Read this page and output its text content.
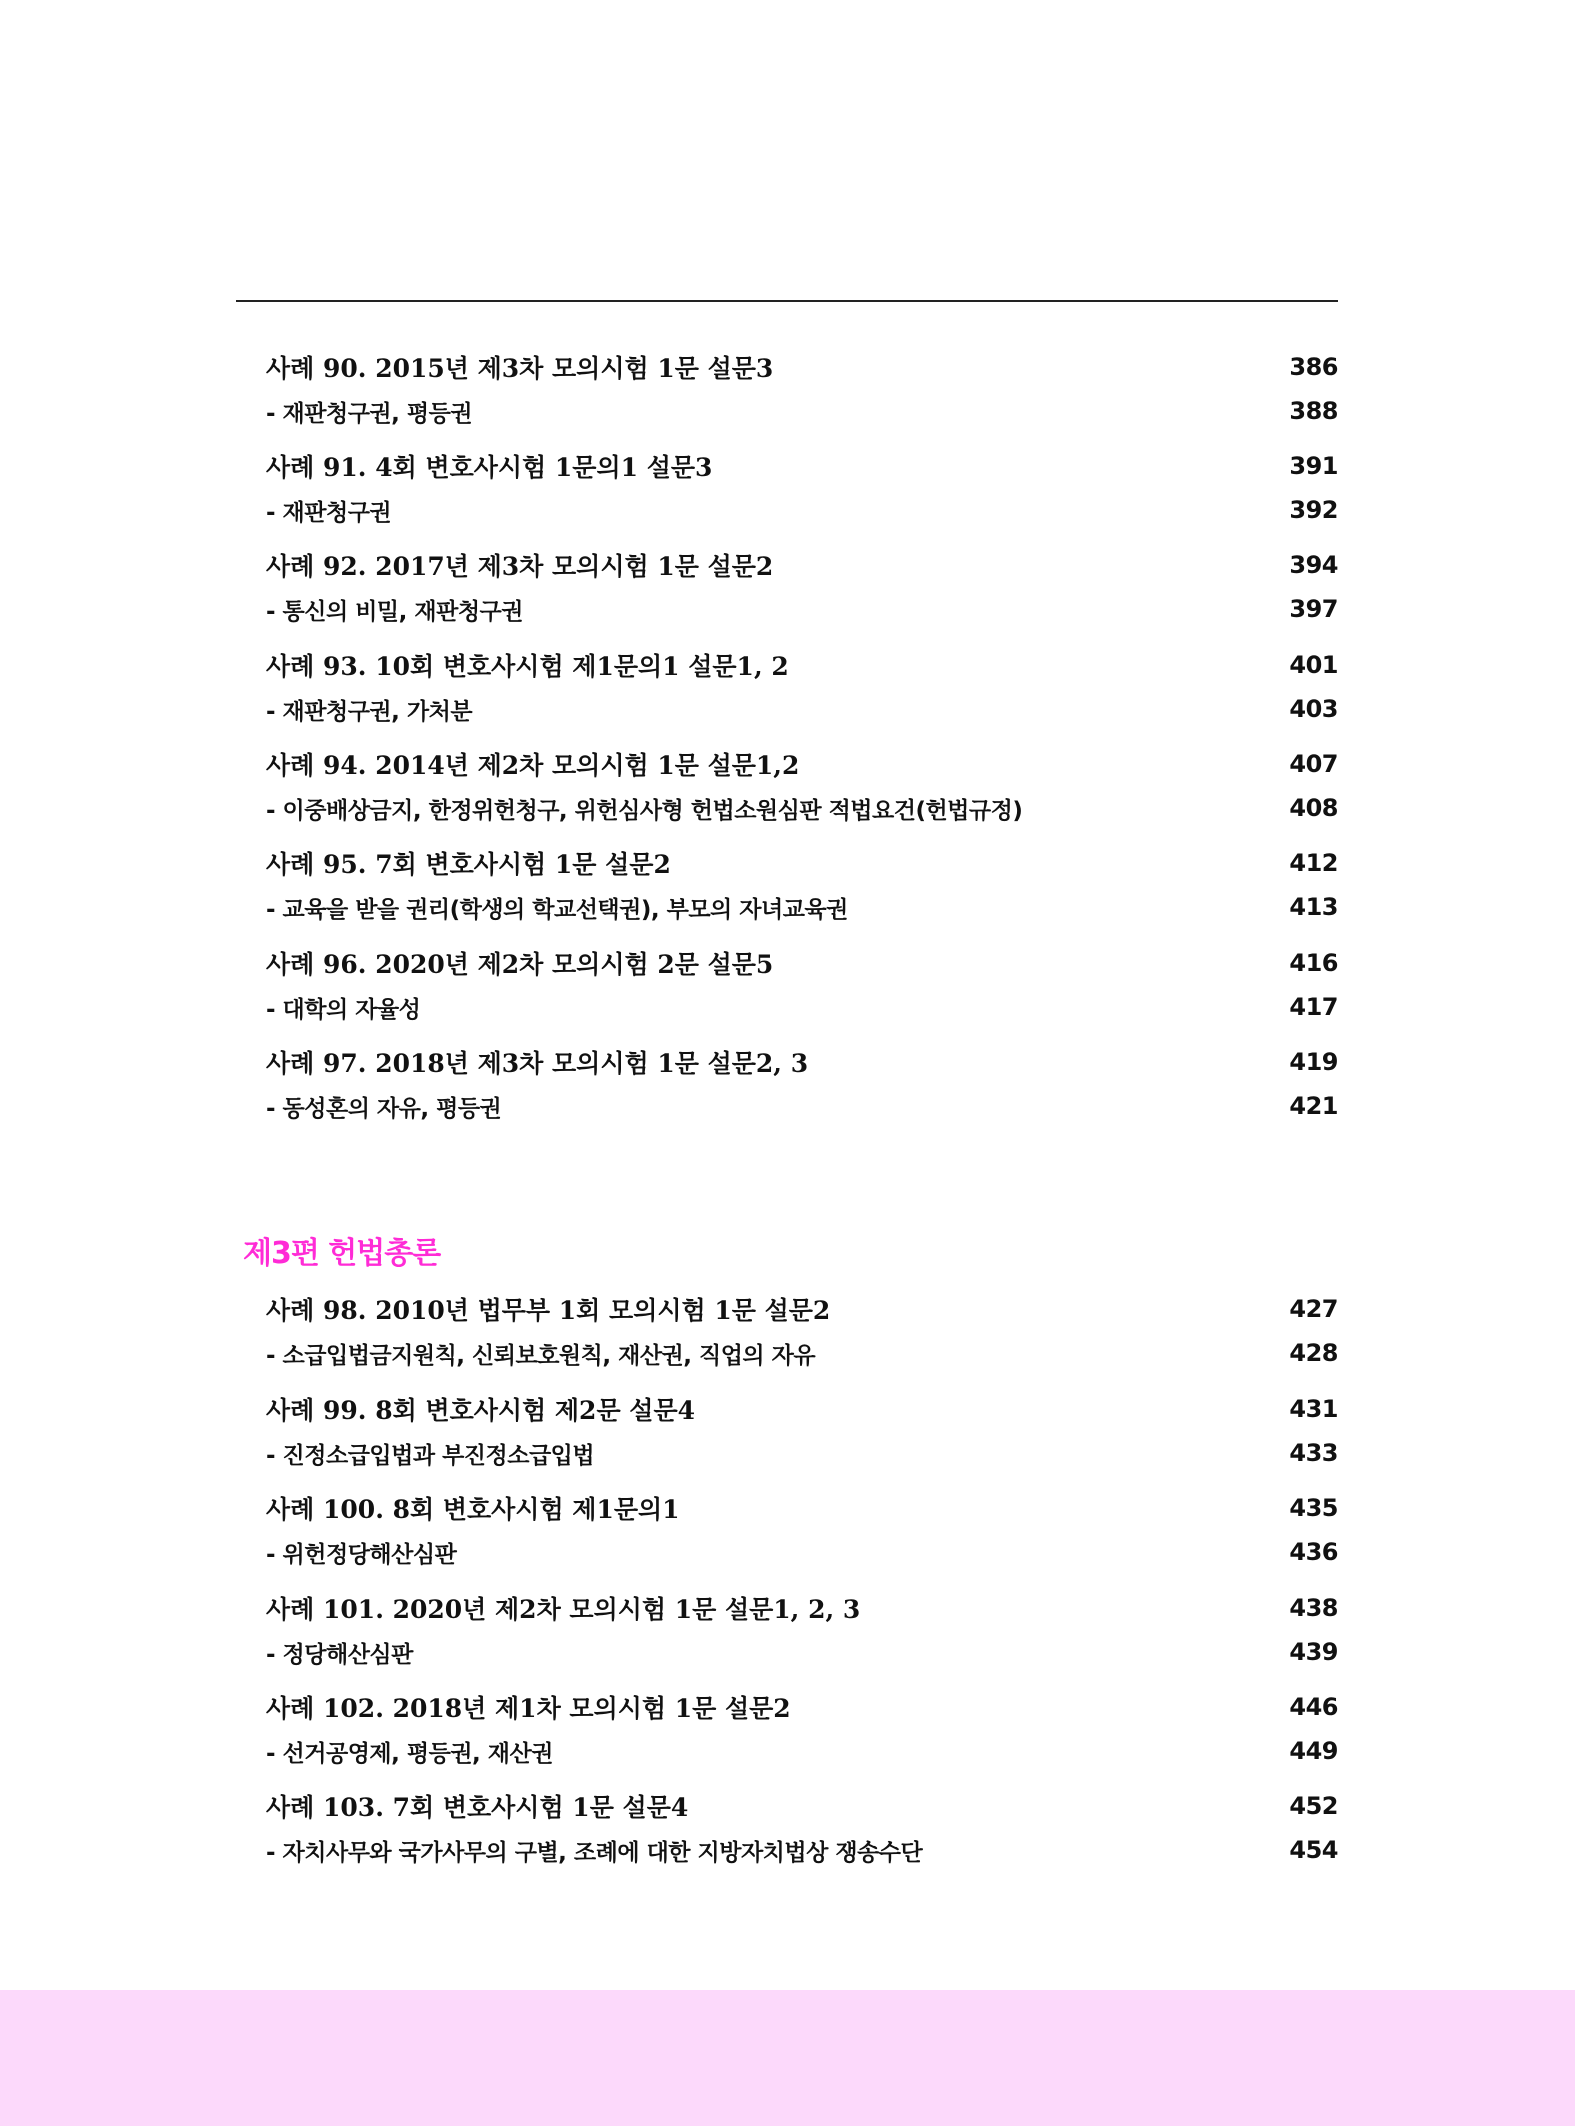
사례 90. 2015년 제3차 모의시험 1문 설문3	386
- 재판청구권, 평등권	388
사례 91. 4회 변호사시험 1문의1 설문3	391
- 재판청구권	392
사례 92. 2017년 제3차 모의시험 1문 설문2	394
- 통신의 비밀, 재판청구권	397
사례 93. 10회 변호사시험 제1문의1 설문1, 2	401
- 재판청구권, 가처분	403
사례 94. 2014년 제2차 모의시험 1문 설문1,2	407
- 이중배상금지, 한정위헌청구, 위헌심사형 헌법소원심판 적법요건(헌법규정)	408
사례 95. 7회 변호사시험 1문 설문2	412
- 교육을 받을 권리(학생의 학교선택권), 부모의 자녀교육권	413
사례 96. 2020년 제2차 모의시험 2문 설문5	416
- 대학의 자율성	417
사례 97. 2018년 제3차 모의시험 1문 설문2, 3	419
- 동성혼의 자유, 평등권	421
제3편 헌법총론
사례 98. 2010년 법무부 1회 모의시험 1문 설문2	427
- 소급입법금지원칙, 신뢰보호원칙, 재산권, 직업의 자유	428
사례 99. 8회 변호사시험 제2문 설문4	431
- 진정소급입법과 부진정소급입법	433
사례 100. 8회 변호사시험 제1문의1	435
- 위헌정당해산심판	436
사례 101. 2020년 제2차 모의시험 1문 설문1, 2, 3	438
- 정당해산심판	439
사례 102. 2018년 제1차 모의시험 1문 설문2	446
- 선거공영제, 평등권, 재산권	449
사례 103. 7회 변호사시험 1문 설문4	452
- 자치사무와 국가사무의 구별, 조례에 대한 지방자치법상 쟁송수단	454
